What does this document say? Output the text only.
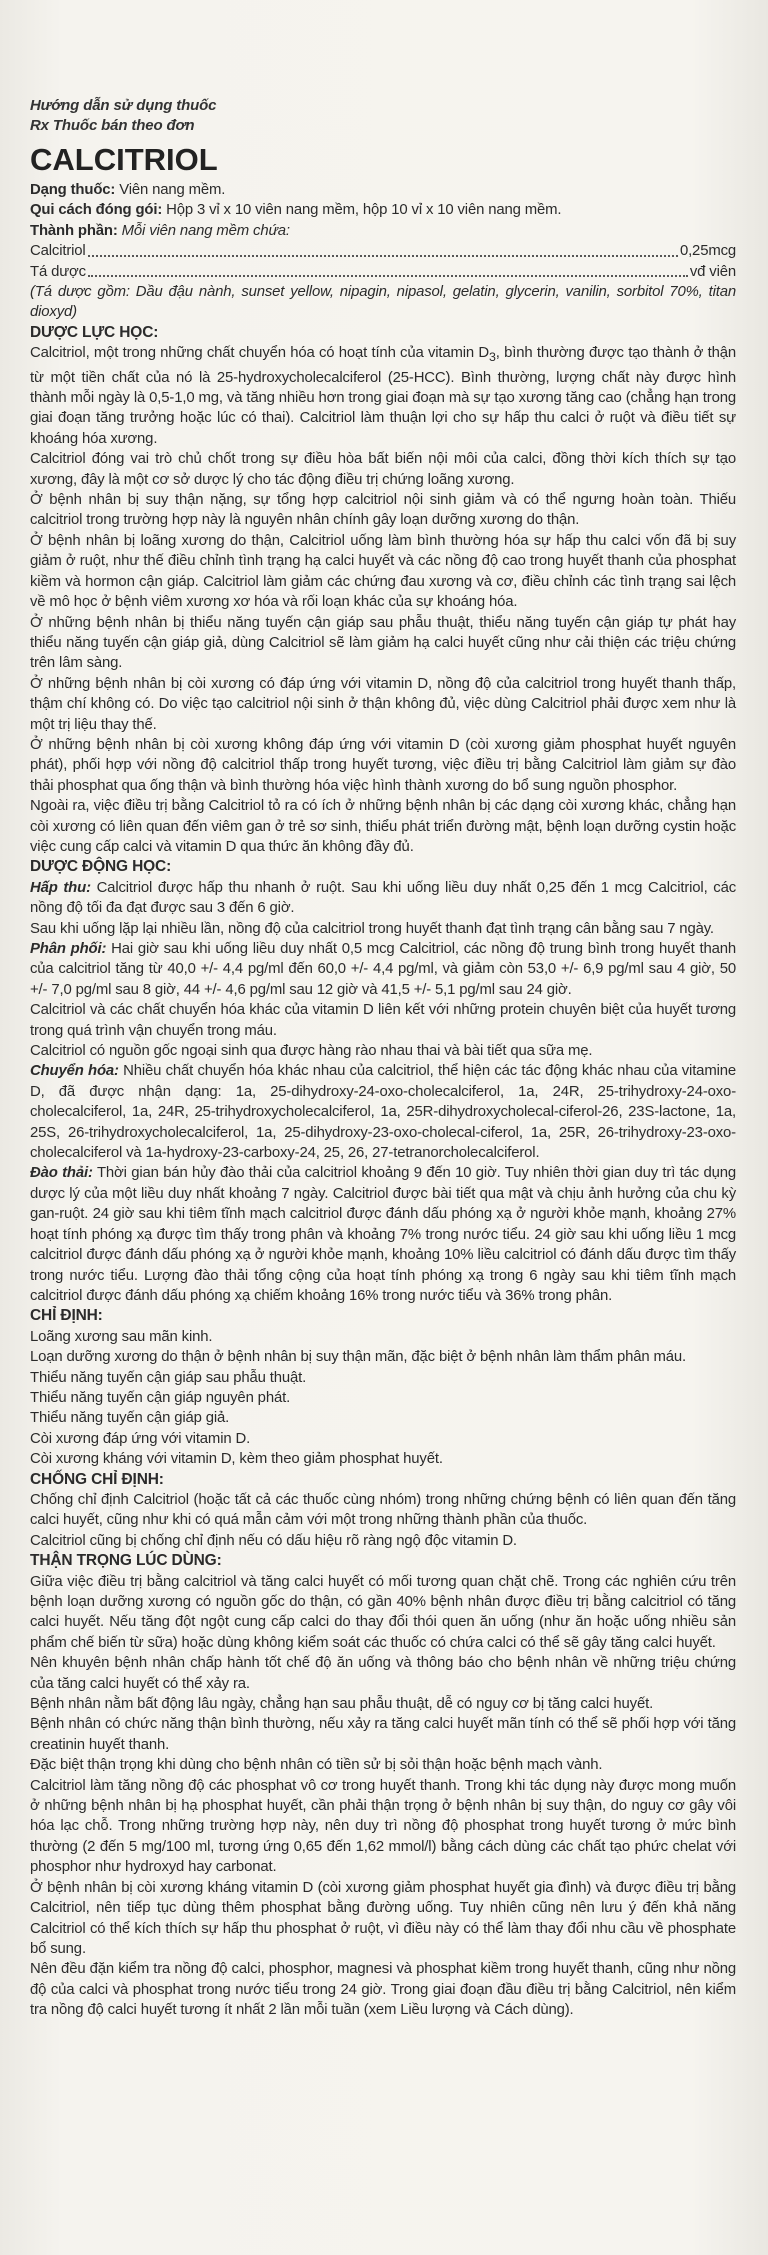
Hướng dẫn sử dụng thuốc
Rx Thuốc bán theo đơn
CALCITRIOL

Dạng thuốc: Viên nang mềm.

Qui cách đóng gói: Hộp 3 vỉ x 10 viên nang mềm, hộp 10 vỉ x 10 viên nang mềm.

Thành phần: Mỗi viên nang mềm chứa:

Calcitriol	0,25mcg
Tá dược	vđ viên

(Tá dược gồm: Dầu đậu nành, sunset yellow, nipagin, nipasol, gelatin, glycerin, vanilin, sorbitol 70%, titan dioxyd)

DƯỢC LỰC HỌC:

Calcitriol, một trong những chất chuyển hóa có hoạt tính của vitamin $D_3$, bình thường được tạo thành ở thận từ một tiền chất của nó là 25-hydroxycholecalciferol (25-HCC). Bình thường, lượng chất này được hình thành mỗi ngày là 0,5-1,0 mg, và tăng nhiều hơn trong giai đoạn mà sự tạo xương tăng cao (chẳng hạn trong giai đoạn tăng trưởng hoặc lúc có thai). Calcitriol làm thuận lợi cho sự hấp thu calci ở ruột và điều tiết sự khoáng hóa xương.

Calcitriol đóng vai trò chủ chốt trong sự điều hòa bất biến nội môi của calci, đồng thời kích thích sự tạo xương, đây là một cơ sở dược lý cho tác động điều trị chứng loãng xương.

Ở bệnh nhân bị suy thận nặng, sự tổng hợp calcitriol nội sinh giảm và có thể ngưng hoàn toàn. Thiếu calcitriol trong trường hợp này là nguyên nhân chính gây loạn dưỡng xương do thận.

Ở bệnh nhân bị loãng xương do thận, Calcitriol uống làm bình thường hóa sự hấp thu calci vốn đã bị suy giảm ở ruột, như thế điều chỉnh tình trạng hạ calci huyết và các nồng độ cao trong huyết thanh của phosphat kiềm và hormon cận giáp. Calcitriol làm giảm các chứng đau xương và cơ, điều chỉnh các tình trạng sai lệch về mô học ở bệnh viêm xương xơ hóa và rối loạn khác của sự khoáng hóa.

Ở những bệnh nhân bị thiểu năng tuyến cận giáp sau phẫu thuật, thiểu năng tuyến cận giáp tự phát hay thiểu năng tuyến cận giáp giả, dùng Calcitriol sẽ làm giảm hạ calci huyết cũng như cải thiện các triệu chứng trên lâm sàng.

Ở những bệnh nhân bị còi xương có đáp ứng với vitamin D, nồng độ của calcitriol trong huyết thanh thấp, thậm chí không có. Do việc tạo calcitriol nội sinh ở thận không đủ, việc dùng Calcitriol phải được xem như là một trị liệu thay thế.

Ở những bệnh nhân bị còi xương không đáp ứng với vitamin D (còi xương giảm phosphat huyết nguyên phát), phối hợp với nồng độ calcitriol thấp trong huyết tương, việc điều trị bằng Calcitriol làm giảm sự đào thải phosphat qua ống thận và bình thường hóa việc hình thành xương do bổ sung nguồn phosphor.

Ngoài ra, việc điều trị bằng Calcitriol tỏ ra có ích ở những bệnh nhân bị các dạng còi xương khác, chẳng hạn còi xương có liên quan đến viêm gan ở trẻ sơ sinh, thiểu phát triển đường mật, bệnh loạn dưỡng cystin hoặc việc cung cấp calci và vitamin D qua thức ăn không đầy đủ.

DƯỢC ĐỘNG HỌC:

Hấp thu: Calcitriol được hấp thu nhanh ở ruột. Sau khi uống liều duy nhất 0,25 đến 1 mcg Calcitriol, các nồng độ tối đa đạt được sau 3 đến 6 giờ.

Sau khi uống lặp lại nhiều lần, nồng độ của calcitriol trong huyết thanh đạt tình trạng cân bằng sau 7 ngày.

Phân phối: Hai giờ sau khi uống liều duy nhất 0,5 mcg Calcitriol, các nồng độ trung bình trong huyết thanh của calcitriol tăng từ 40,0 +/- 4,4 pg/ml đến 60,0 +/- 4,4 pg/ml, và giảm còn 53,0 +/- 6,9 pg/ml sau 4 giờ, 50 +/- 7,0 pg/ml sau 8 giờ, 44 +/- 4,6 pg/ml sau 12 giờ và 41,5 +/- 5,1 pg/ml sau 24 giờ.

Calcitriol và các chất chuyển hóa khác của vitamin D liên kết với những protein chuyên biệt của huyết tương trong quá trình vận chuyển trong máu.

Calcitriol có nguồn gốc ngoại sinh qua được hàng rào nhau thai và bài tiết qua sữa mẹ.

Chuyển hóa: Nhiều chất chuyển hóa khác nhau của calcitriol, thể hiện các tác động khác nhau của vitamine D, đã được nhận dạng: 1a, 25-dihydroxy-24-oxo-cholecalciferol, 1a, 24R, 25-trihydroxy-24-oxo-cholecalciferol, 1a, 24R, 25-trihydroxycholecalciferol, 1a, 25R-dihydroxycholecal-ciferol-26, 23S-lactone, 1a, 25S, 26-trihydroxycholecalciferol, 1a, 25-dihydroxy-23-oxo-cholecal-ciferol, 1a, 25R, 26-trihydroxy-23-oxo-cholecalciferol và 1a-hydroxy-23-carboxy-24, 25, 26, 27-tetranorcholecalciferol.

Đào thải: Thời gian bán hủy đào thải của calcitriol khoảng 9 đến 10 giờ. Tuy nhiên thời gian duy trì tác dụng dược lý của một liều duy nhất khoảng 7 ngày. Calcitriol được bài tiết qua mật và chịu ảnh hưởng của chu kỳ gan-ruột. 24 giờ sau khi tiêm tĩnh mạch calcitriol được đánh dấu phóng xạ ở người khỏe mạnh, khoảng 27% hoạt tính phóng xạ được tìm thấy trong phân và khoảng 7% trong nước tiểu. 24 giờ sau khi uống liều 1 mcg calcitriol được đánh dấu phóng xạ ở người khỏe mạnh, khoảng 10% liều calcitriol có đánh dấu được tìm thấy trong nước tiểu. Lượng đào thải tổng cộng của hoạt tính phóng xạ trong 6 ngày sau khi tiêm tĩnh mạch calcitriol được đánh dấu phóng xạ chiếm khoảng 16% trong nước tiểu và 36% trong phân.

CHỈ ĐỊNH:

Loãng xương sau mãn kinh.

Loạn dưỡng xương do thận ở bệnh nhân bị suy thận mãn, đặc biệt ở bệnh nhân làm thẩm phân máu.

Thiểu năng tuyến cận giáp sau phẫu thuật.

Thiểu năng tuyến cận giáp nguyên phát.

Thiểu năng tuyến cận giáp giả.

Còi xương đáp ứng với vitamin D.

Còi xương kháng với vitamin D, kèm theo giảm phosphat huyết.

CHỐNG CHỈ ĐỊNH:

Chống chỉ định Calcitriol (hoặc tất cả các thuốc cùng nhóm) trong những chứng bệnh có liên quan đến tăng calci huyết, cũng như khi có quá mẫn cảm với một trong những thành phần của thuốc.

Calcitriol cũng bị chống chỉ định nếu có dấu hiệu rõ ràng ngộ độc vitamin D.

THẬN TRỌNG LÚC DÙNG:

Giữa việc điều trị bằng calcitriol và tăng calci huyết có mối tương quan chặt chẽ. Trong các nghiên cứu trên bệnh loạn dưỡng xương có nguồn gốc do thận, có gần 40% bệnh nhân được điều trị bằng calcitriol có tăng calci huyết. Nếu tăng đột ngột cung cấp calci do thay đổi thói quen ăn uống (như ăn hoặc uống nhiều sản phẩm chế biến từ sữa) hoặc dùng không kiểm soát các thuốc có chứa calci có thể sẽ gây tăng calci huyết.

Nên khuyên bệnh nhân chấp hành tốt chế độ ăn uống và thông báo cho bệnh nhân về những triệu chứng của tăng calci huyết có thể xảy ra.

Bệnh nhân nằm bất động lâu ngày, chẳng hạn sau phẫu thuật, dễ có nguy cơ bị tăng calci huyết.

Bệnh nhân có chức năng thận bình thường, nếu xảy ra tăng calci huyết mãn tính có thể sẽ phối hợp với tăng creatinin huyết thanh.

Đặc biệt thận trọng khi dùng cho bệnh nhân có tiền sử bị sỏi thận hoặc bệnh mạch vành.

Calcitriol làm tăng nồng độ các phosphat vô cơ trong huyết thanh. Trong khi tác dụng này được mong muốn ở những bệnh nhân bị hạ phosphat huyết, cần phải thận trọng ở bệnh nhân bị suy thận, do nguy cơ gây vôi hóa lạc chỗ. Trong những trường hợp này, nên duy trì nồng độ phosphat trong huyết tương ở mức bình thường (2 đến 5 mg/100 ml, tương ứng 0,65 đến 1,62 mmol/l) bằng cách dùng các chất tạo phức chelat với phosphor như hydroxyd hay carbonat.

Ở bệnh nhân bị còi xương kháng vitamin D (còi xương giảm phosphat huyết gia đình) và được điều trị bằng Calcitriol, nên tiếp tục dùng thêm phosphat bằng đường uống. Tuy nhiên cũng nên lưu ý đến khả năng Calcitriol có thể kích thích sự hấp thu phosphat ở ruột, vì điều này có thể làm thay đổi nhu cầu về phosphate bổ sung.

Nên đều đặn kiểm tra nồng độ calci, phosphor, magnesi và phosphat kiềm trong huyết thanh, cũng như nồng độ của calci và phosphat trong nước tiểu trong 24 giờ. Trong giai đoạn đầu điều trị bằng Calcitriol, nên kiểm tra nồng độ calci huyết tương ít nhất 2 lần mỗi tuần (xem Liều lượng và Cách dùng).
